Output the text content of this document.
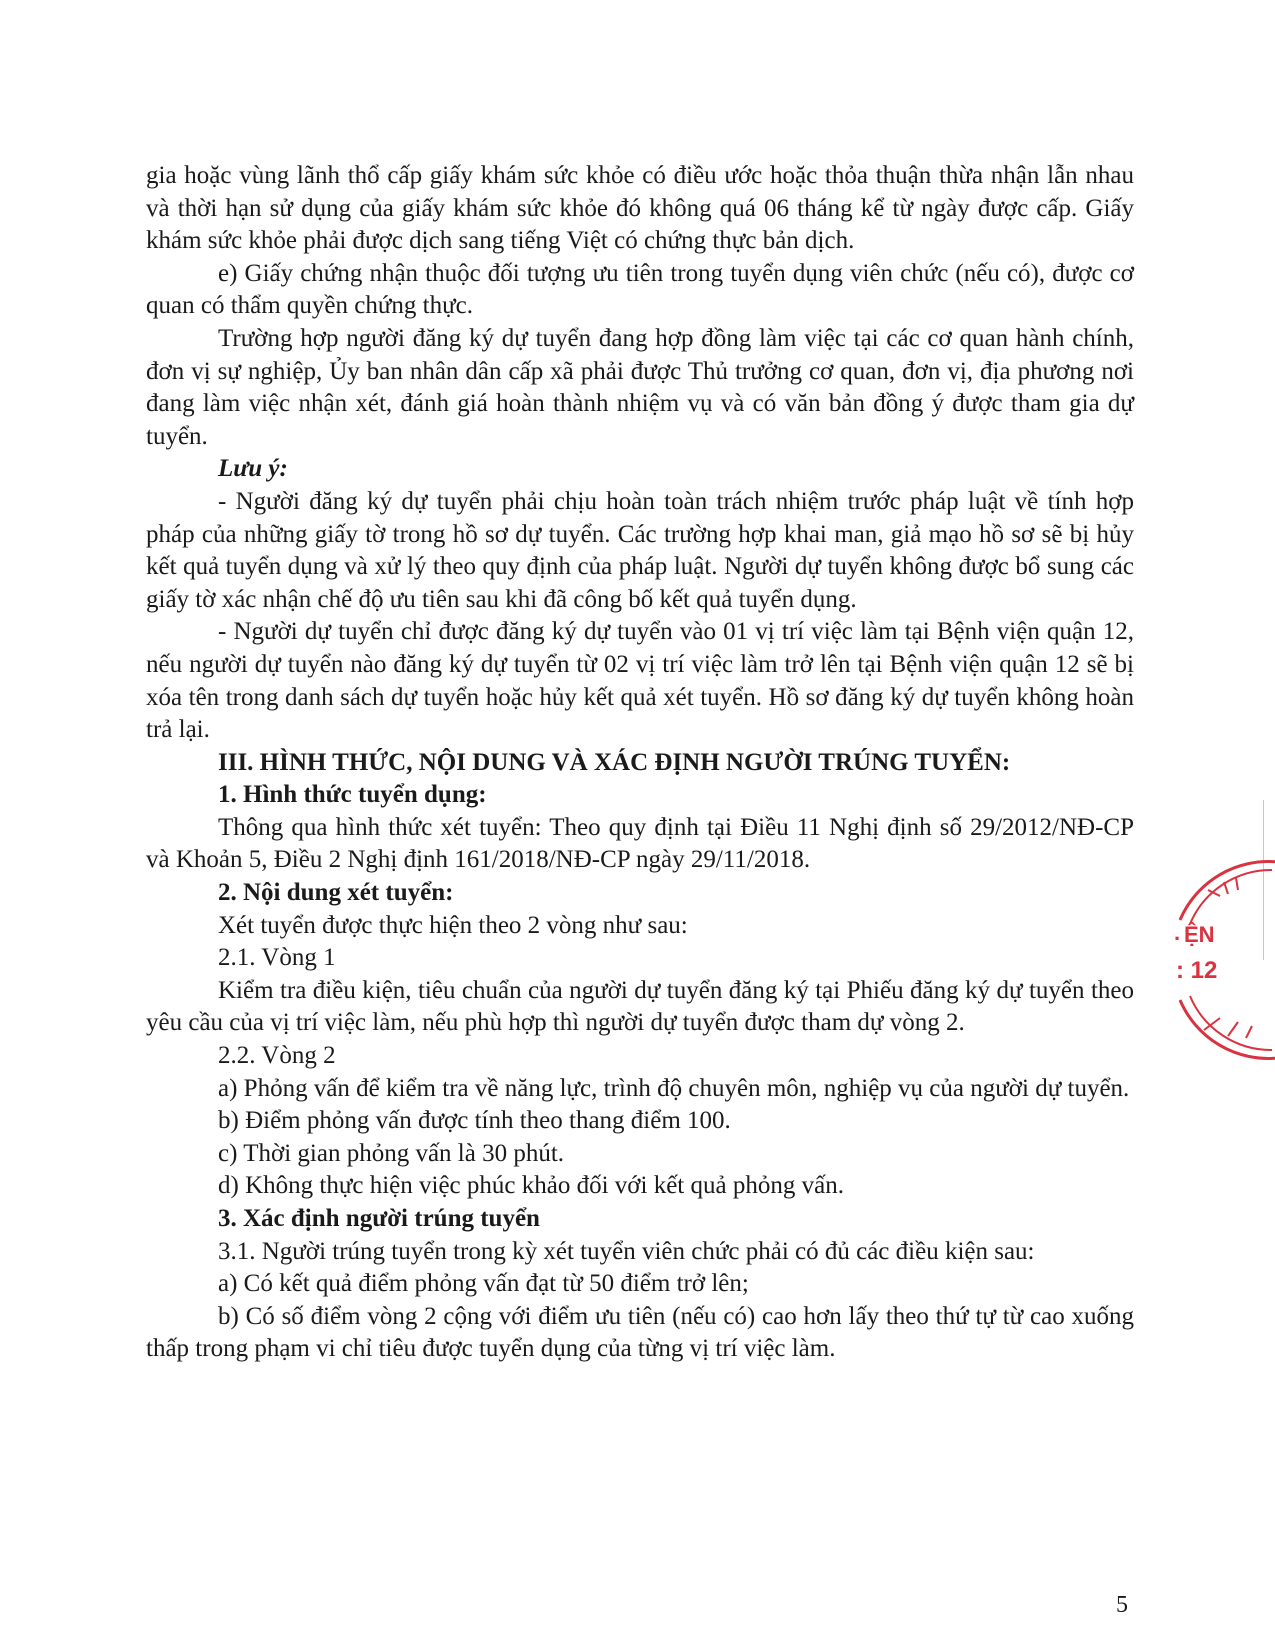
gia hoặc vùng lãnh thổ cấp giấy khám sức khỏe có điều ước hoặc thỏa thuận thừa nhận lẫn nhau và thời hạn sử dụng của giấy khám sức khỏe đó không quá 06 tháng kể từ ngày được cấp. Giấy khám sức khỏe phải được dịch sang tiếng Việt có chứng thực bản dịch.

e) Giấy chứng nhận thuộc đối tượng ưu tiên trong tuyển dụng viên chức (nếu có), được cơ quan có thẩm quyền chứng thực.

Trường hợp người đăng ký dự tuyển đang hợp đồng làm việc tại các cơ quan hành chính, đơn vị sự nghiệp, Ủy ban nhân dân cấp xã phải được Thủ trưởng cơ quan, đơn vị, địa phương nơi đang làm việc nhận xét, đánh giá hoàn thành nhiệm vụ và có văn bản đồng ý được tham gia dự tuyển.

Lưu ý:

- Người đăng ký dự tuyển phải chịu hoàn toàn trách nhiệm trước pháp luật về tính hợp pháp của những giấy tờ trong hồ sơ dự tuyển. Các trường hợp khai man, giả mạo hồ sơ sẽ bị hủy kết quả tuyển dụng và xử lý theo quy định của pháp luật. Người dự tuyển không được bổ sung các giấy tờ xác nhận chế độ ưu tiên sau khi đã công bố kết quả tuyển dụng.

- Người dự tuyển chỉ được đăng ký dự tuyển vào 01 vị trí việc làm tại Bệnh viện quận 12, nếu người dự tuyển nào đăng ký dự tuyển từ 02 vị trí việc làm trở lên tại Bệnh viện quận 12 sẽ bị xóa tên trong danh sách dự tuyển hoặc hủy kết quả xét tuyển. Hồ sơ đăng ký dự tuyển không hoàn trả lại.

III. HÌNH THỨC, NỘI DUNG VÀ XÁC ĐỊNH NGƯỜI TRÚNG TUYỂN:

1. Hình thức tuyển dụng:

Thông qua hình thức xét tuyển: Theo quy định tại Điều 11 Nghị định số 29/2012/NĐ-CP và Khoản 5, Điều 2 Nghị định 161/2018/NĐ-CP ngày 29/11/2018.

2. Nội dung xét tuyển:

Xét tuyển được thực hiện theo 2 vòng như sau:

2.1. Vòng 1

Kiểm tra điều kiện, tiêu chuẩn của người dự tuyển đăng ký tại Phiếu đăng ký dự tuyển theo yêu cầu của vị trí việc làm, nếu phù hợp thì người dự tuyển được tham dự vòng 2.

2.2. Vòng 2

a) Phỏng vấn để kiểm tra về năng lực, trình độ chuyên môn, nghiệp vụ của người dự tuyển.

b) Điểm phỏng vấn được tính theo thang điểm 100.

c) Thời gian phỏng vấn là 30 phút.

d) Không thực hiện việc phúc khảo đối với kết quả phỏng vấn.

3. Xác định người trúng tuyển

3.1. Người trúng tuyển trong kỳ xét tuyển viên chức phải có đủ các điều kiện sau:

a) Có kết quả điểm phỏng vấn đạt từ 50 điểm trở lên;

b) Có số điểm vòng 2 cộng với điểm ưu tiên (nếu có) cao hơn lấy theo thứ tự từ cao xuống thấp trong phạm vi chỉ tiêu được tuyển dụng của từng vị trí việc làm.

. ỆN
: 12
5
